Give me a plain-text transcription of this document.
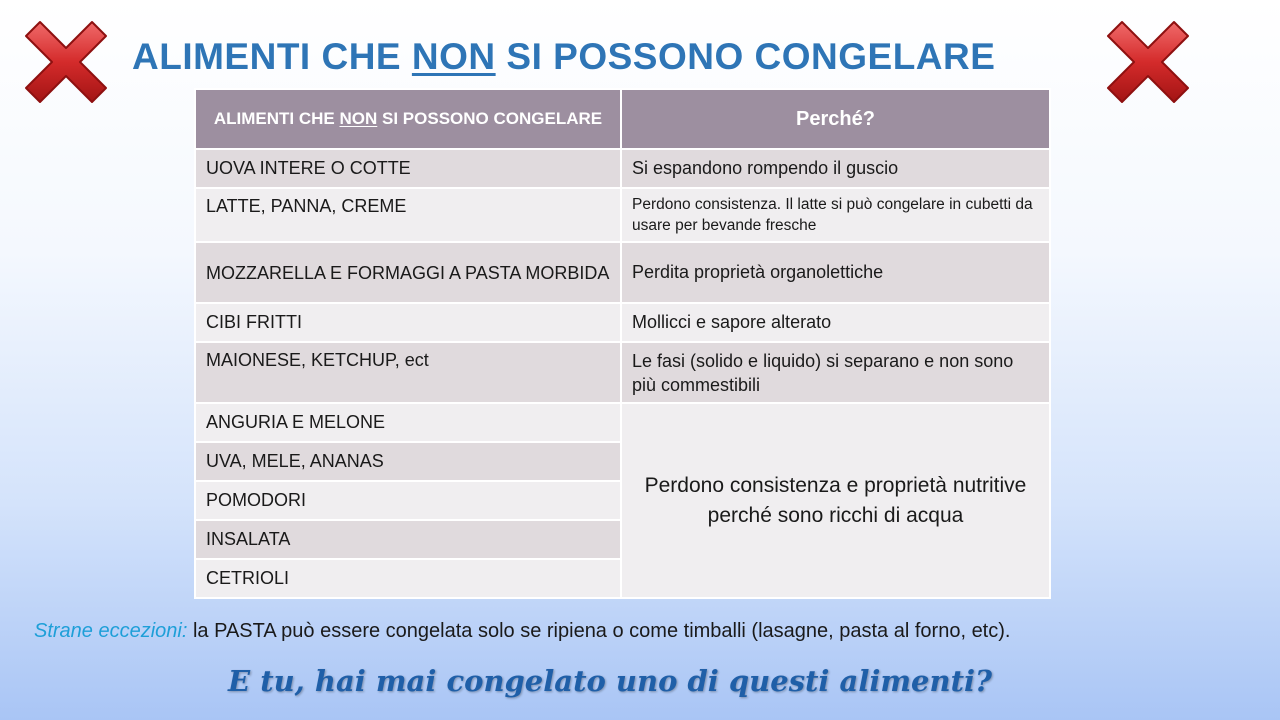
ALIMENTI CHE NON SI POSSONO CONGELARE
ALIMENTI CHE NON SI POSSONO CONGELARE	Perché?
UOVA INTERE O COTTE	Si espandono rompendo il guscio
LATTE, PANNA, CREME	Perdono consistenza. Il latte si può congelare in cubetti da usare per bevande fresche
MOZZARELLA E FORMAGGI A PASTA MORBIDA	Perdita proprietà organolettiche
CIBI FRITTI	Mollicci e sapore alterato
MAIONESE, KETCHUP, ect	Le fasi (solido e liquido) si separano e non sono più commestibili
ANGURIA E MELONE	Perdono consistenza e proprietà nutritive perché sono ricchi di acqua
UVA, MELE, ANANAS	
POMODORI	
INSALATA	
CETRIOLI	
Strane eccezioni: la PASTA può essere congelata solo se ripiena o come timballi (lasagne, pasta al forno, etc).
E tu, hai mai congelato uno di questi alimenti?
